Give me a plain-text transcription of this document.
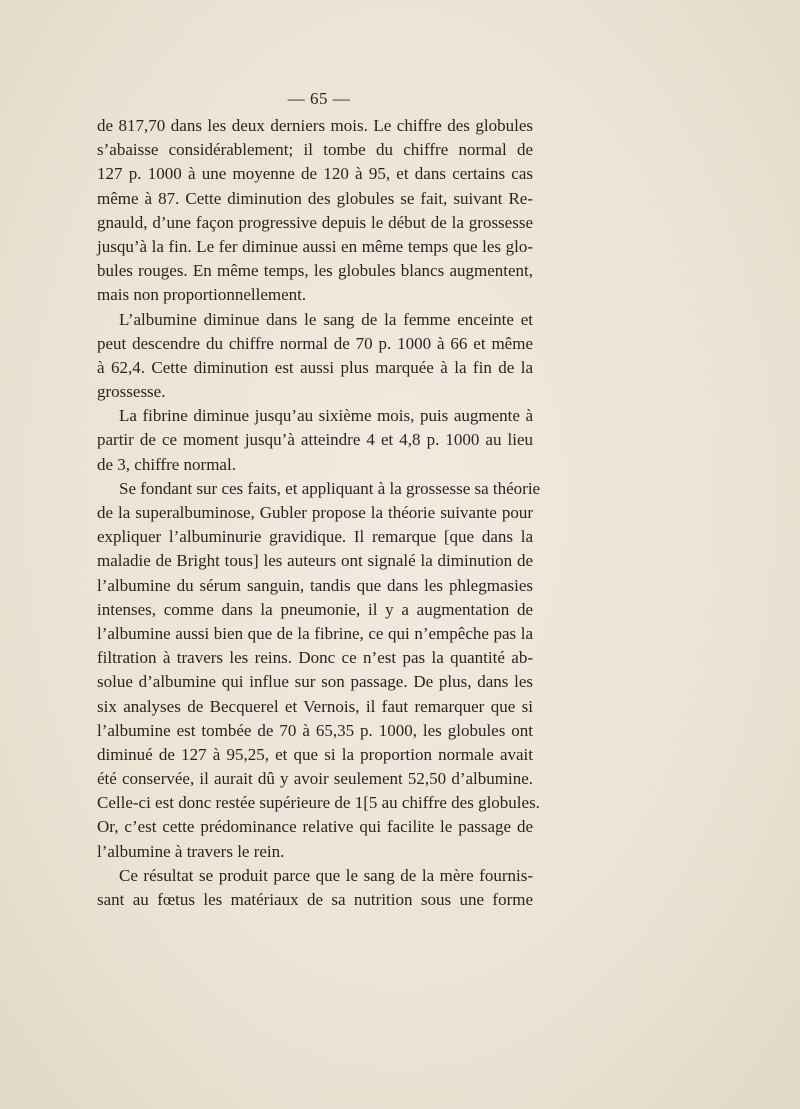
— 65 —
de 817,70 dans les deux derniers mois. Le chiffre des globules
s’abaisse considérablement; il tombe du chiffre normal de
127 p. 1000 à une moyenne de 120 à 95, et dans certains cas
même à 87. Cette diminution des globules se fait, suivant Re-
gnauld, d’une façon progressive depuis le début de la grossesse
jusqu’à la fin. Le fer diminue aussi en même temps que les glo-
bules rouges. En même temps, les globules blancs augmentent,
mais non proportionnellement.
L’albumine diminue dans le sang de la femme enceinte et
peut descendre du chiffre normal de 70 p. 1000 à 66 et même
à 62,4. Cette diminution est aussi plus marquée à la fin de la
grossesse.
La fibrine diminue jusqu’au sixième mois, puis augmente à
partir de ce moment jusqu’à atteindre 4 et 4,8 p. 1000 au lieu
de 3, chiffre normal.
Se fondant sur ces faits, et appliquant à la grossesse sa théorie
de la superalbuminose, Gubler propose la théorie suivante pour
expliquer l’albuminurie gravidique. Il remarque [que dans la
maladie de Bright tous] les auteurs ont signalé la diminution de
l’albumine du sérum sanguin, tandis que dans les phlegmasies
intenses, comme dans la pneumonie, il y a augmentation de
l’albumine aussi bien que de la fibrine, ce qui n’empêche pas la
filtration à travers les reins. Donc ce n’est pas la quantité ab-
solue d’albumine qui influe sur son passage. De plus, dans les
six analyses de Becquerel et Vernois, il faut remarquer que si
l’albumine est tombée de 70 à 65,35 p. 1000, les globules ont
diminué de 127 à 95,25, et que si la proportion normale avait
été conservée, il aurait dû y avoir seulement 52,50 d’albumine.
Celle-ci est donc restée supérieure de 1[5 au chiffre des globules.
Or, c’est cette prédominance relative qui facilite le passage de
l’albumine à travers le rein.
Ce résultat se produit parce que le sang de la mère fournis-
sant au fœtus les matériaux de sa nutrition sous une forme
